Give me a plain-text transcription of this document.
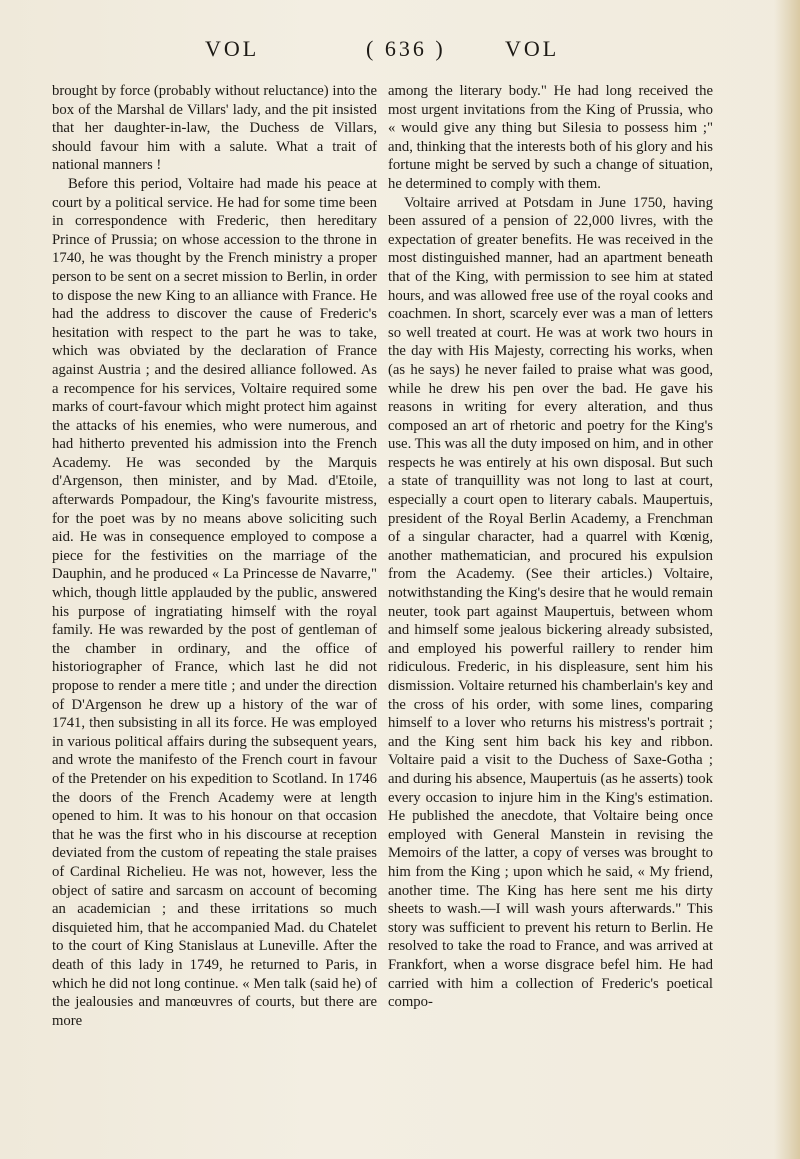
VOL	( 636 )	VOL

brought by force (probably without reluctance) into the box of the Marshal de Villars' lady, and the pit insisted that her daughter-in-law, the Duchess de Villars, should favour him with a salute. What a trait of national manners !

Before this period, Voltaire had made his peace at court by a political service. He had for some time been in correspondence with Frederic, then hereditary Prince of Prussia; on whose accession to the throne in 1740, he was thought by the French ministry a proper person to be sent on a secret mission to Berlin, in order to dispose the new King to an alliance with France. He had the address to discover the cause of Frederic's hesitation with respect to the part he was to take, which was obviated by the declaration of France against Austria ; and the desired alliance followed. As a recompence for his services, Voltaire required some marks of court-favour which might protect him against the attacks of his enemies, who were numerous, and had hitherto prevented his admission into the French Academy. He was seconded by the Marquis d'Argenson, then minister, and by Mad. d'Etoile, afterwards Pompadour, the King's favourite mistress, for the poet was by no means above soliciting such aid. He was in consequence employed to compose a piece for the festivities on the marriage of the Dauphin, and he produced « La Princesse de Navarre," which, though little applauded by the public, answered his purpose of ingratiating himself with the royal family. He was rewarded by the post of gentleman of the chamber in ordinary, and the office of historiographer of France, which last he did not propose to render a mere title ; and under the direction of D'Argenson he drew up a history of the war of 1741, then subsisting in all its force. He was employed in various political affairs during the subsequent years, and wrote the manifesto of the French court in favour of the Pretender on his expedition to Scotland. In 1746 the doors of the French Academy were at length opened to him. It was to his honour on that occasion that he was the first who in his discourse at reception deviated from the custom of repeating the stale praises of Cardinal Richelieu. He was not, however, less the object of satire and sarcasm on account of becoming an academician ; and these irritations so much disquieted him, that he accompanied Mad. du Chatelet to the court of King Stanislaus at Luneville. After the death of this lady in 1749, he returned to Paris, in which he did not long continue. « Men talk (said he) of the jealousies and manœuvres of courts, but there are more

among the literary body." He had long received the most urgent invitations from the King of Prussia, who « would give any thing but Silesia to possess him ;" and, thinking that the interests both of his glory and his fortune might be served by such a change of situation, he determined to comply with them.

Voltaire arrived at Potsdam in June 1750, having been assured of a pension of 22,000 livres, with the expectation of greater benefits. He was received in the most distinguished manner, had an apartment beneath that of the King, with permission to see him at stated hours, and was allowed free use of the royal cooks and coachmen. In short, scarcely ever was a man of letters so well treated at court. He was at work two hours in the day with His Majesty, correcting his works, when (as he says) he never failed to praise what was good, while he drew his pen over the bad. He gave his reasons in writing for every alteration, and thus composed an art of rhetoric and poetry for the King's use. This was all the duty imposed on him, and in other respects he was entirely at his own disposal. But such a state of tranquillity was not long to last at court, especially a court open to literary cabals. Maupertuis, president of the Royal Berlin Academy, a Frenchman of a singular character, had a quarrel with Kœnig, another mathematician, and procured his expulsion from the Academy. (See their articles.) Voltaire, notwithstanding the King's desire that he would remain neuter, took part against Maupertuis, between whom and himself some jealous bickering already subsisted, and employed his powerful raillery to render him ridiculous. Frederic, in his displeasure, sent him his dismission. Voltaire returned his chamberlain's key and the cross of his order, with some lines, comparing himself to a lover who returns his mistress's portrait ; and the King sent him back his key and ribbon. Voltaire paid a visit to the Duchess of Saxe-Gotha ; and during his absence, Maupertuis (as he asserts) took every occasion to injure him in the King's estimation. He published the anecdote, that Voltaire being once employed with General Manstein in revising the Memoirs of the latter, a copy of verses was brought to him from the King ; upon which he said, « My friend, another time. The King has here sent me his dirty sheets to wash.—I will wash yours afterwards." This story was sufficient to prevent his return to Berlin. He resolved to take the road to France, and was arrived at Frankfort, when a worse disgrace befel him. He had carried with him a collection of Frederic's poetical compo-
